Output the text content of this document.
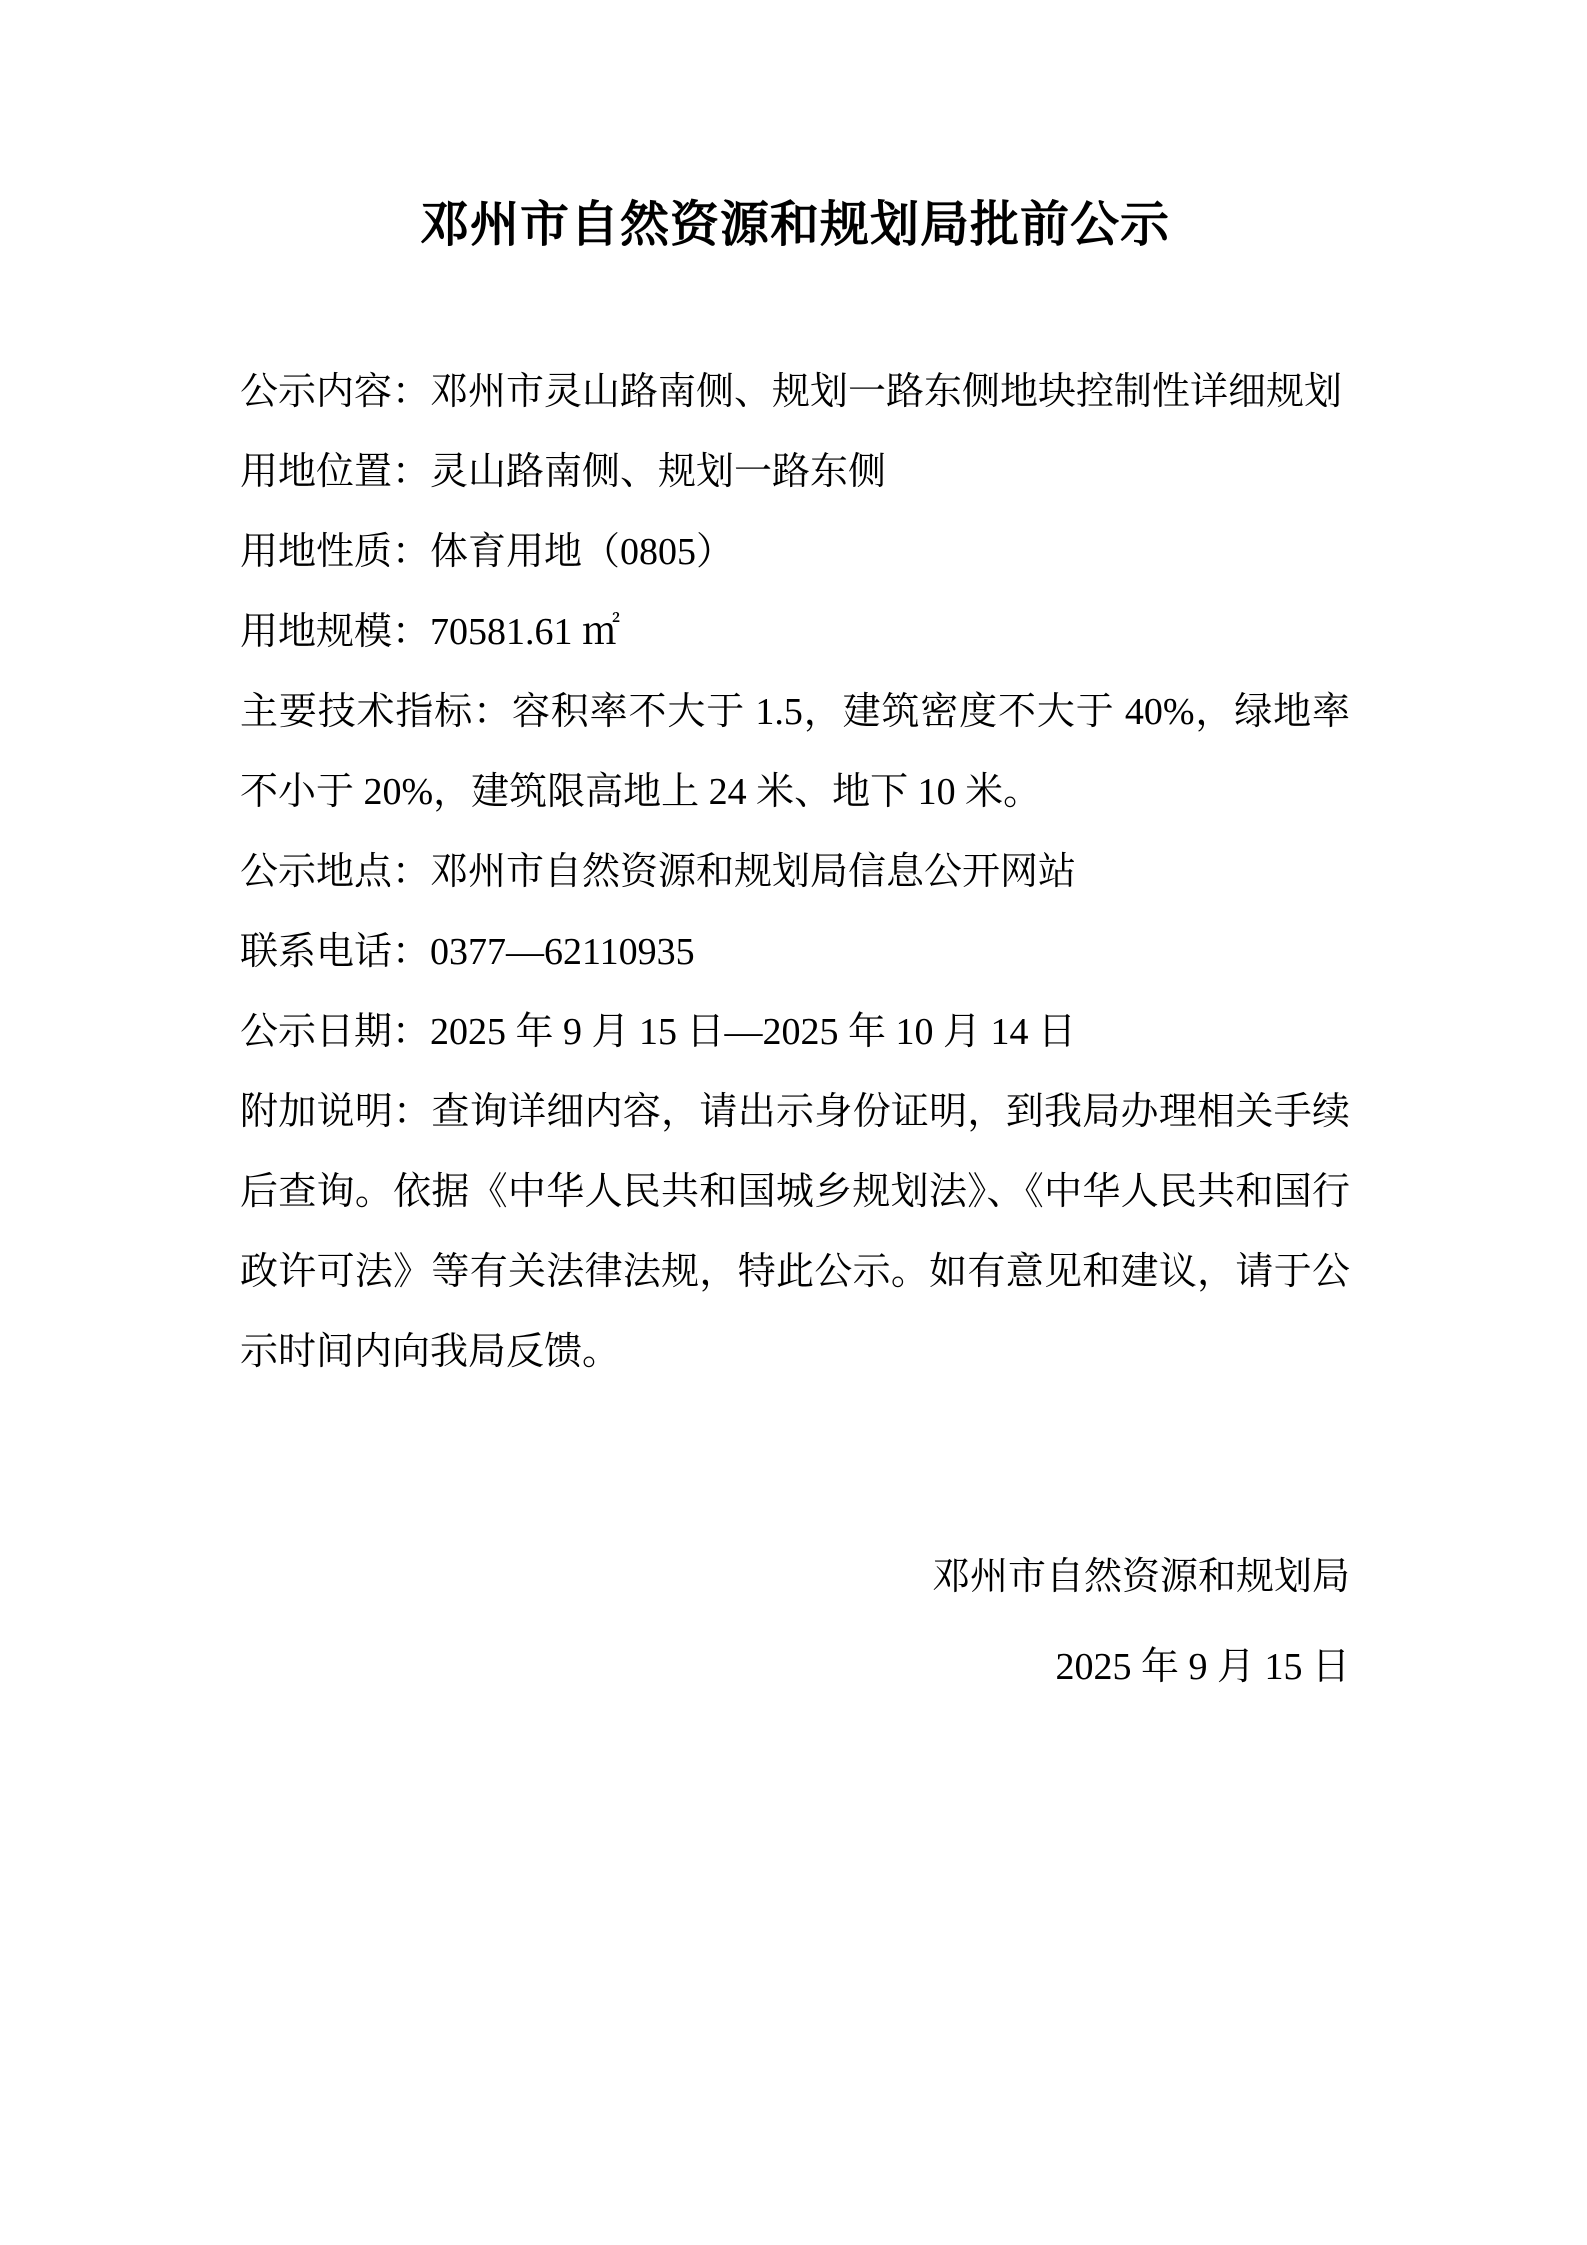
邓州市自然资源和规划局批前公示

公示内容：邓州市灵山路南侧、规划一路东侧地块控制性详细规划

用地位置：灵山路南侧、规划一路东侧

用地性质：体育用地（0805）

用地规模：70581.61 ㎡

主要技术指标：容积率不大于 1.5，建筑密度不大于 40%，绿地率不小于 20%，建筑限高地上 24 米、地下 10 米。

公示地点：邓州市自然资源和规划局信息公开网站

联系电话：0377—62110935

公示日期：2025 年 9 月 15 日—2025 年 10 月 14 日

附加说明：查询详细内容，请出示身份证明，到我局办理相关手续后查询。依据《中华人民共和国城乡规划法》、《中华人民共和国行政许可法》等有关法律法规，特此公示。如有意见和建议，请于公示时间内向我局反馈。

邓州市自然资源和规划局
2025 年 9 月 15 日
